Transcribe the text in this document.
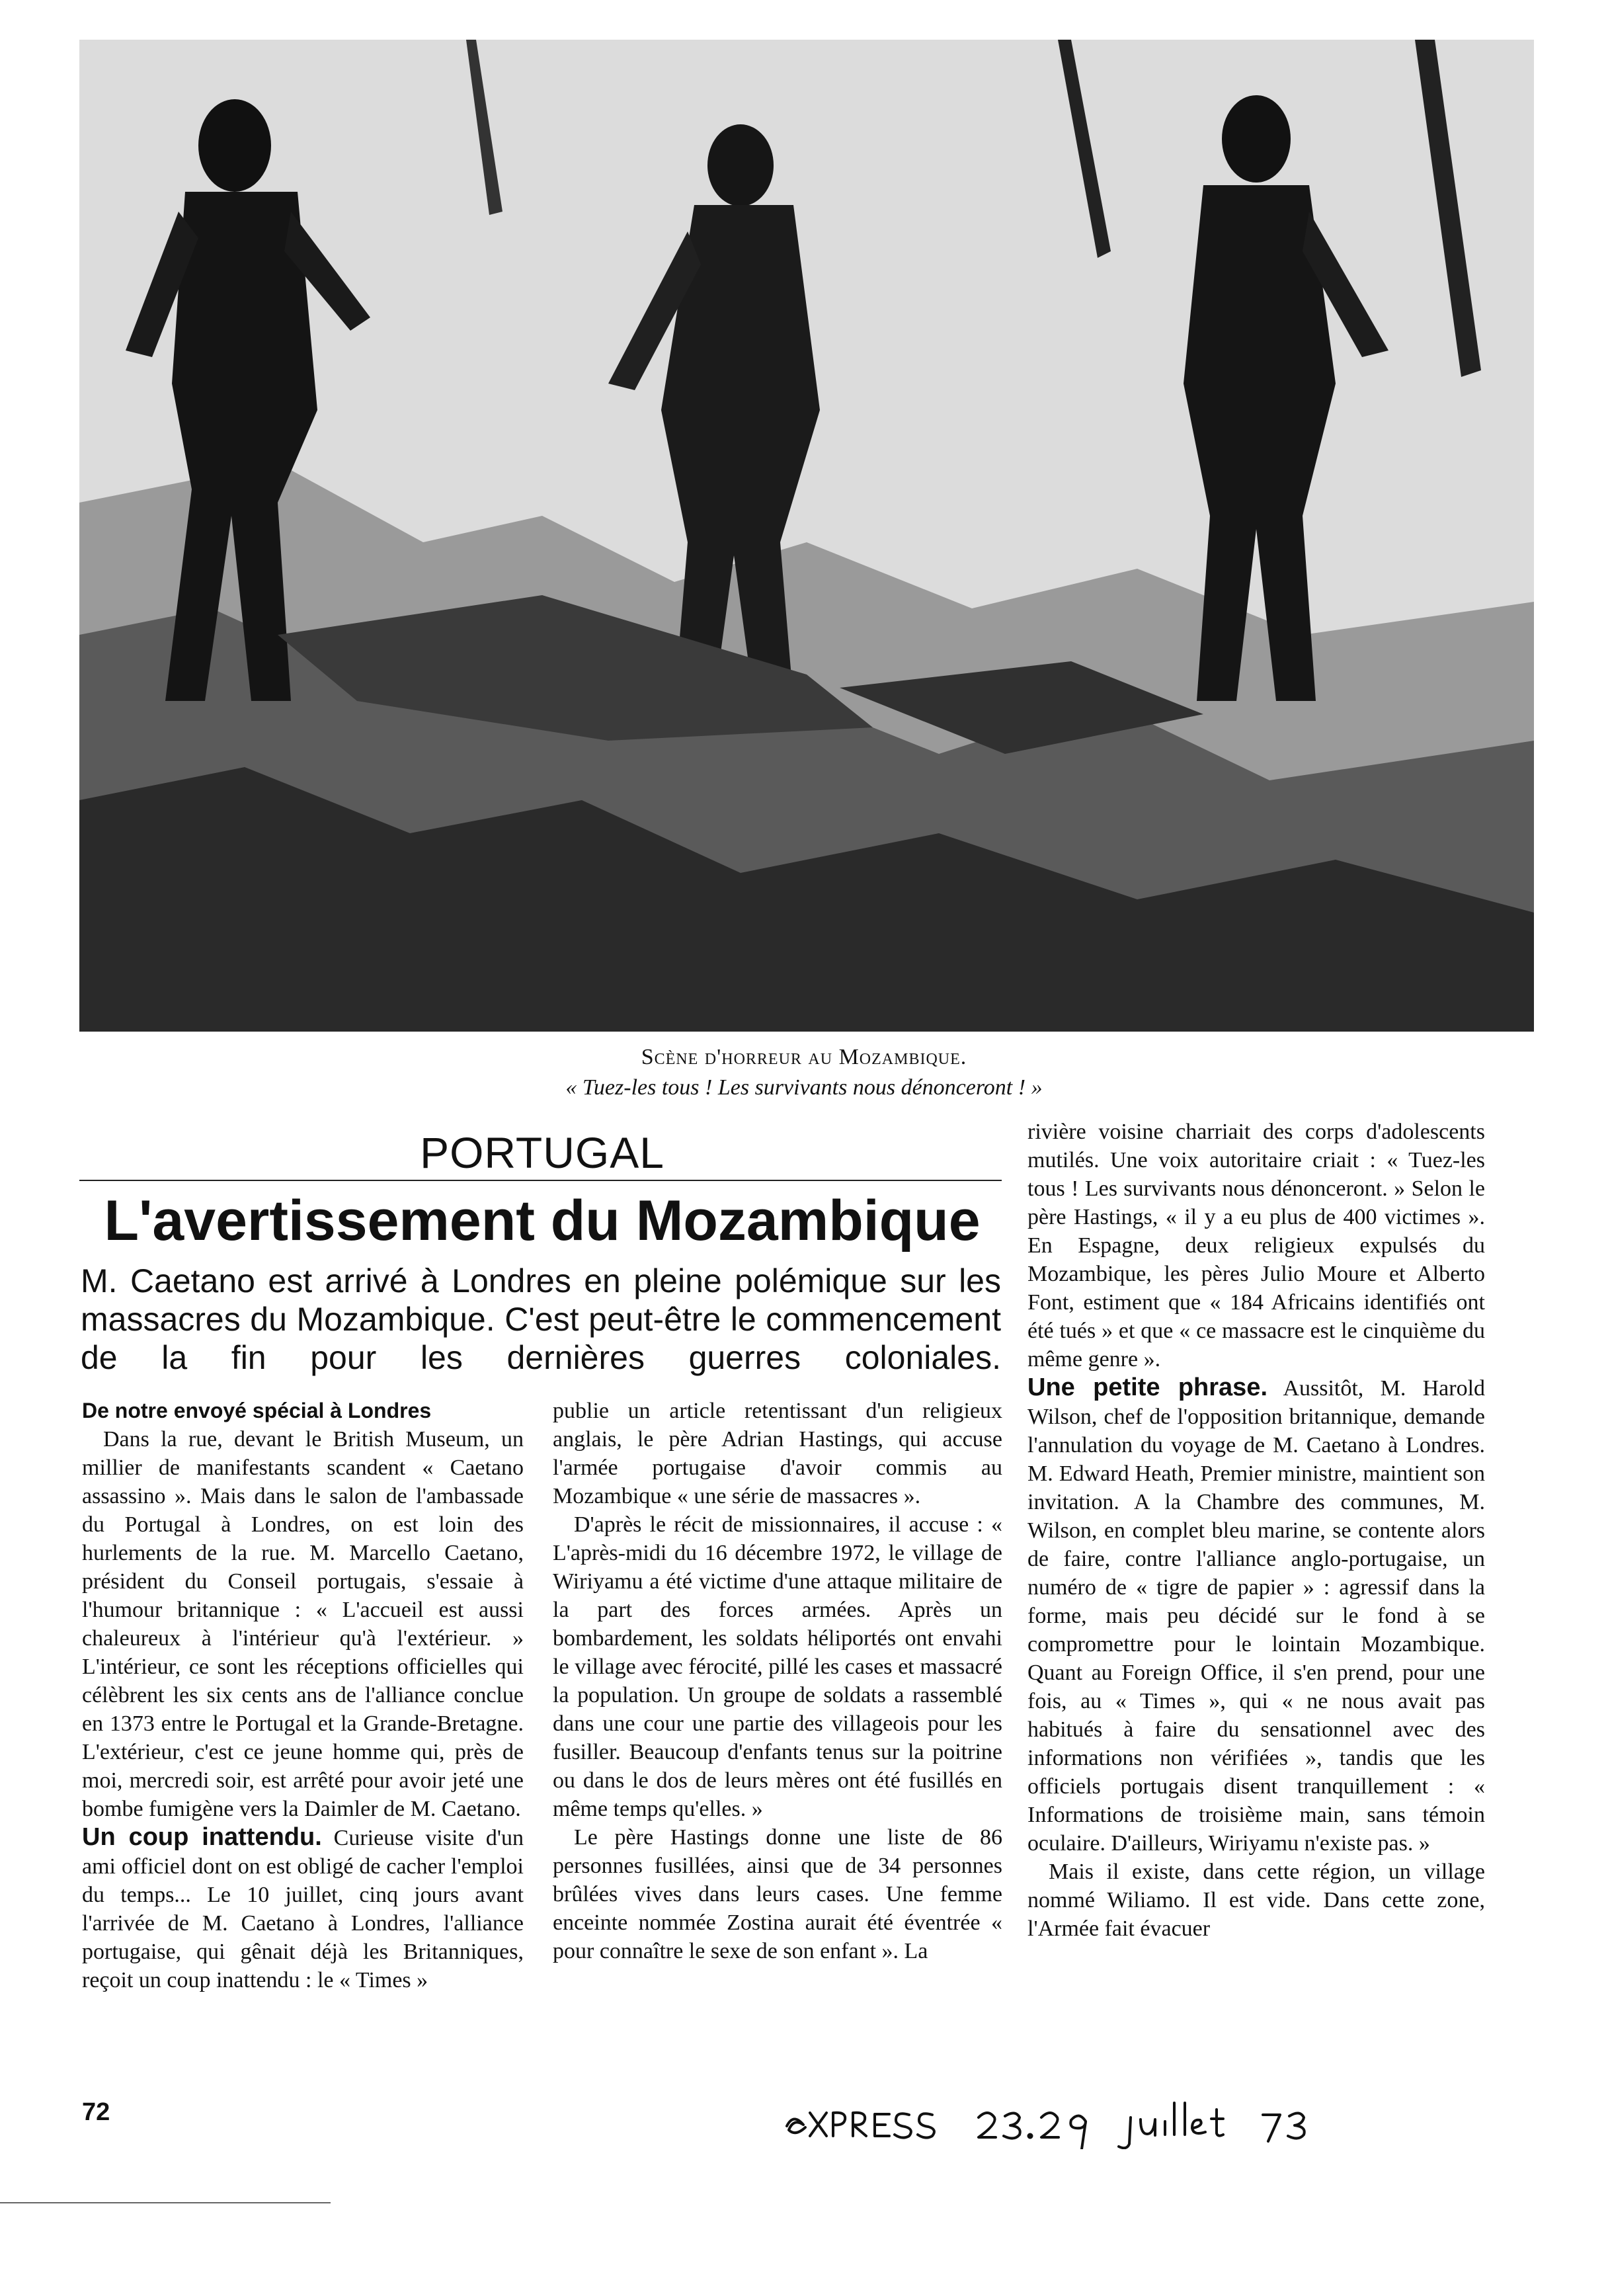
Scène d'horreur au Mozambique.
« Tuez-les tous ! Les survivants nous dénonceront ! »
PORTUGAL
L'avertissement du Mozambique
M. Caetano est arrivé à Londres en pleine polémique sur les massacres du Mozambique. C'est peut-être le commencement de la fin pour les dernières guerres coloniales.
De notre envoyé spécial à Londres

Dans la rue, devant le British Museum, un millier de manifestants scandent « Caetano assassino ». Mais dans le salon de l'ambassade du Portugal à Londres, on est loin des hurlements de la rue. M. Marcello Caetano, président du Conseil portugais, s'essaie à l'humour britannique : « L'accueil est aussi chaleureux à l'intérieur qu'à l'extérieur. » L'intérieur, ce sont les réceptions officielles qui célèbrent les six cents ans de l'alliance conclue en 1373 entre le Portugal et la Grande-Bretagne. L'extérieur, c'est ce jeune homme qui, près de moi, mercredi soir, est arrêté pour avoir jeté une bombe fumigène vers la Daimler de M. Caetano.

Un coup inattendu. Curieuse visite d'un ami officiel dont on est obligé de cacher l'emploi du temps... Le 10 juillet, cinq jours avant l'arrivée de M. Caetano à Londres, l'alliance portugaise, qui gênait déjà les Britanniques, reçoit un coup inattendu : le « Times »

publie un article retentissant d'un religieux anglais, le père Adrian Hastings, qui accuse l'armée portugaise d'avoir commis au Mozambique « une série de massacres ».

D'après le récit de missionnaires, il accuse : « L'après-midi du 16 décembre 1972, le village de Wiriyamu a été victime d'une attaque militaire de la part des forces armées. Après un bombardement, les soldats héliportés ont envahi le village avec férocité, pillé les cases et massacré la population. Un groupe de soldats a rassemblé dans une cour une partie des villageois pour les fusiller. Beaucoup d'enfants tenus sur la poitrine ou dans le dos de leurs mères ont été fusillés en même temps qu'elles. »

Le père Hastings donne une liste de 86 personnes fusillées, ainsi que de 34 personnes brûlées vives dans leurs cases. Une femme enceinte nommée Zostina aurait été éventrée « pour connaître le sexe de son enfant ». La

rivière voisine charriait des corps d'adolescents mutilés. Une voix autoritaire criait : « Tuez-les tous ! Les survivants nous dénonceront. » Selon le père Hastings, « il y a eu plus de 400 victimes ». En Espagne, deux religieux expulsés du Mozambique, les pères Julio Moure et Alberto Font, estiment que « 184 Africains identifiés ont été tués » et que « ce massacre est le cinquième du même genre ».

Une petite phrase. Aussitôt, M. Harold Wilson, chef de l'opposition britannique, demande l'annulation du voyage de M. Caetano à Londres. M. Edward Heath, Premier ministre, maintient son invitation. A la Chambre des communes, M. Wilson, en complet bleu marine, se contente alors de faire, contre l'alliance anglo-portugaise, un numéro de « tigre de papier » : agressif dans la forme, mais peu décidé sur le fond à se compromettre pour le lointain Mozambique. Quant au Foreign Office, il s'en prend, pour une fois, au « Times », qui « ne nous avait pas habitués à faire du sensationnel avec des informations non vérifiées », tandis que les officiels portugais disent tranquillement : « Informations de troisième main, sans témoin oculaire. D'ailleurs, Wiriyamu n'existe pas. »

Mais il existe, dans cette région, un village nommé Wiliamo. Il est vide. Dans cette zone, l'Armée fait évacuer

72
